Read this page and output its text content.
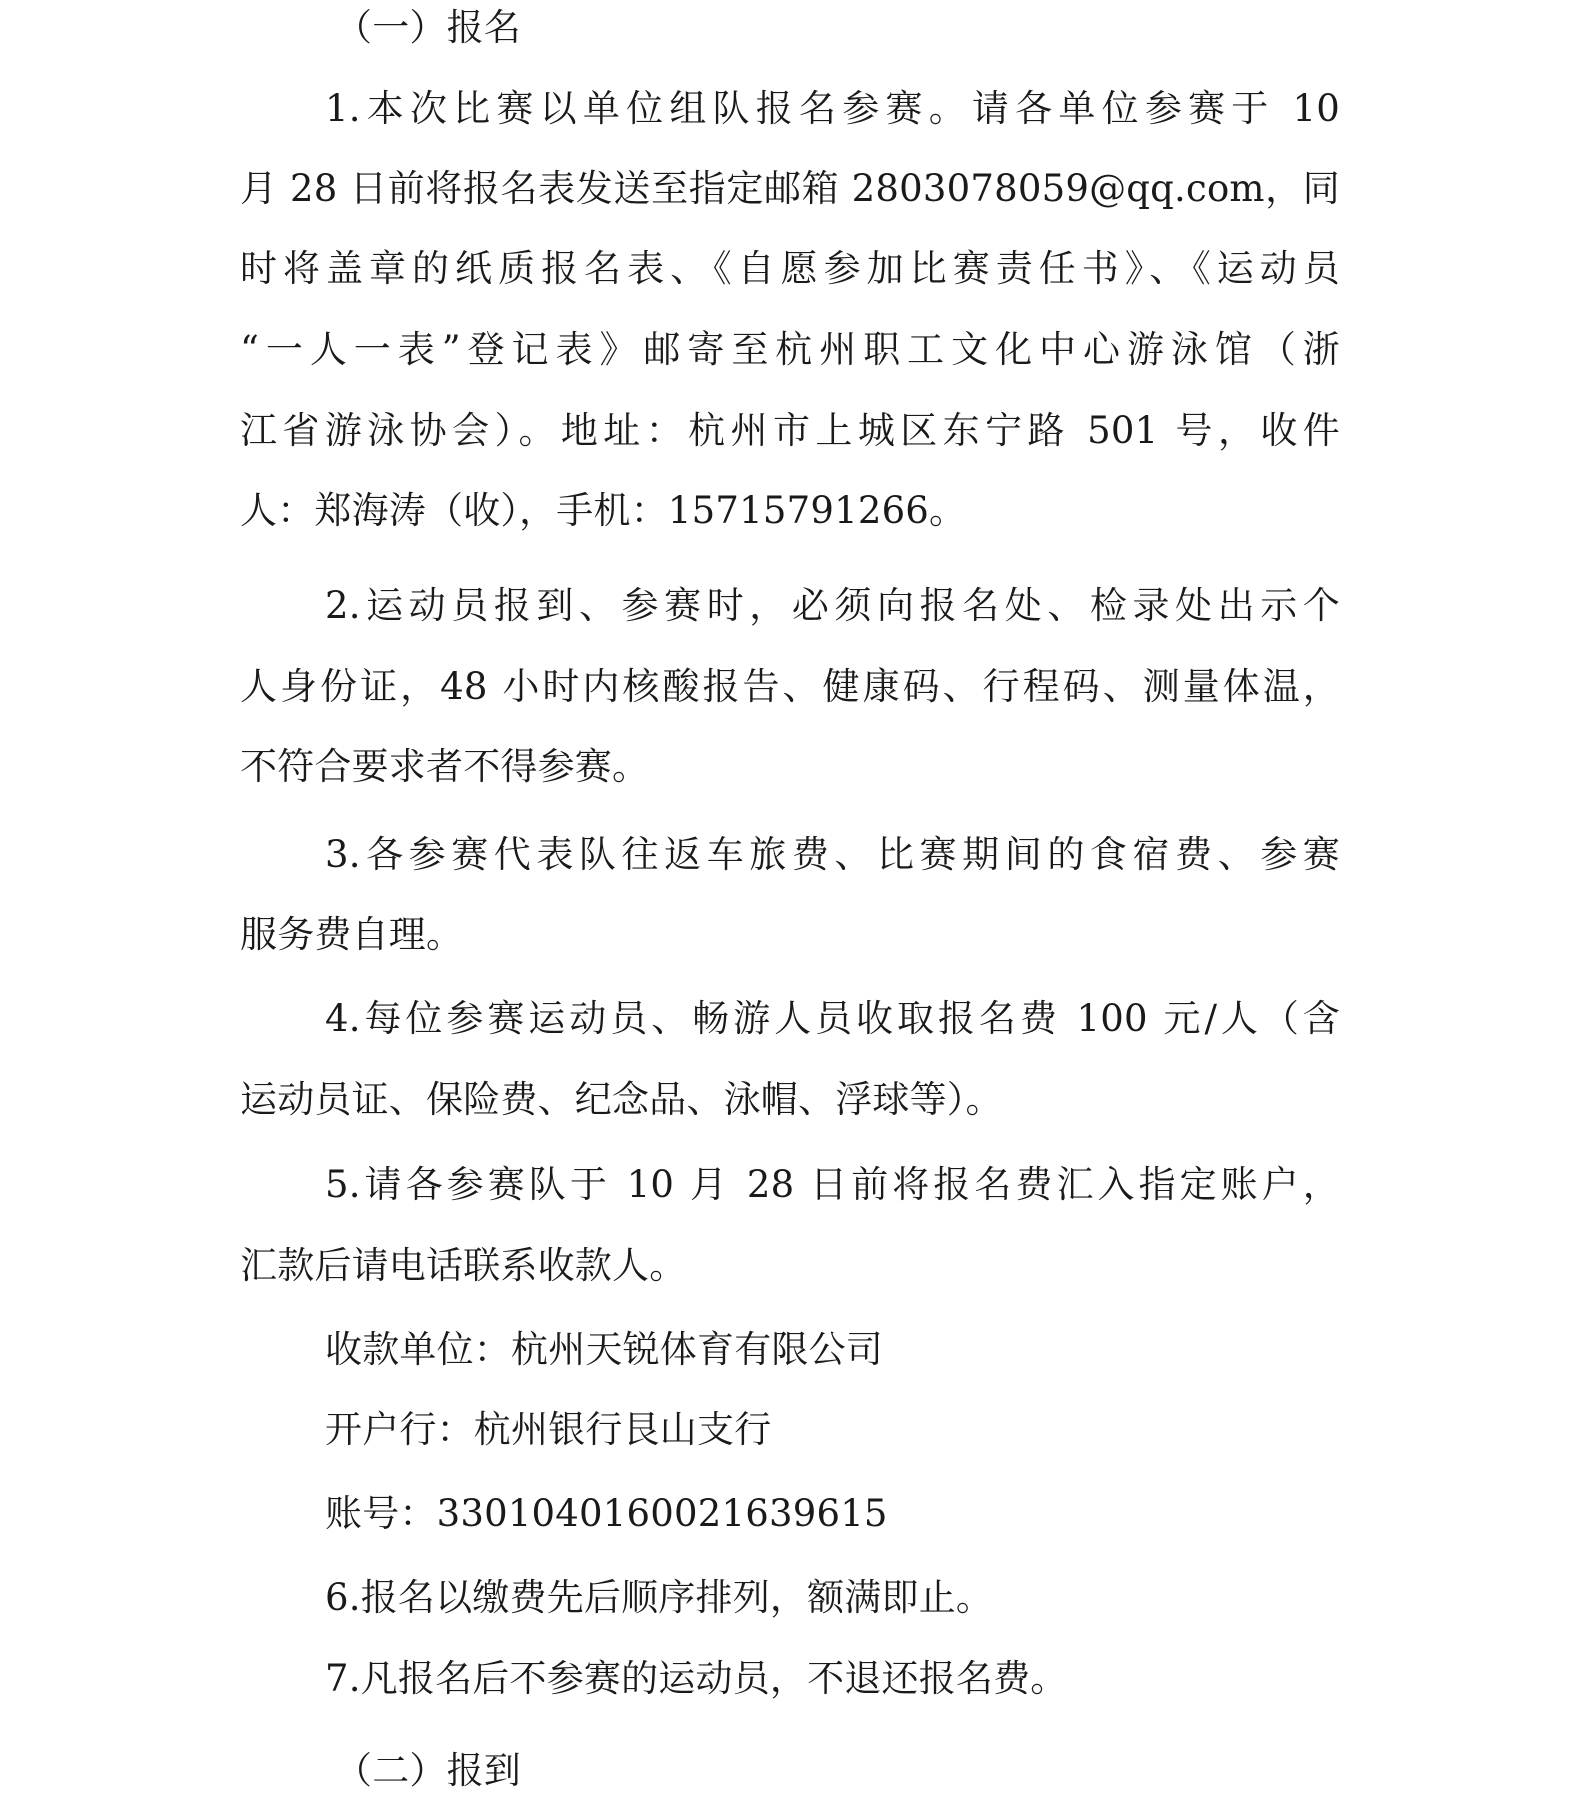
（一）报名
1.本次比赛以单位组队报名参赛。请各单位参赛于 10
月 28 日前将报名表发送至指定邮箱 2803078059@qq.com，同
时将盖章的纸质报名表、《自愿参加比赛责任书》、《运动员
“一人一表”登记表》邮寄至杭州职工文化中心游泳馆（浙
江省游泳协会）。地址：杭州市上城区东宁路 501 号，收件
人：郑海涛（收），手机：15715791266。
2.运动员报到、参赛时，必须向报名处、检录处出示个
人身份证，48 小时内核酸报告、健康码、行程码、测量体温，
不符合要求者不得参赛。
3.各参赛代表队往返车旅费、比赛期间的食宿费、参赛
服务费自理。
4.每位参赛运动员、畅游人员收取报名费 100 元/人（含
运动员证、保险费、纪念品、泳帽、浮球等）。
5.请各参赛队于 10 月 28 日前将报名费汇入指定账户，
汇款后请电话联系收款人。
收款单位：杭州天锐体育有限公司
开户行：杭州银行艮山支行
账号：3301040160021639615
6.报名以缴费先后顺序排列，额满即止。
7.凡报名后不参赛的运动员，不退还报名费。
（二）报到
